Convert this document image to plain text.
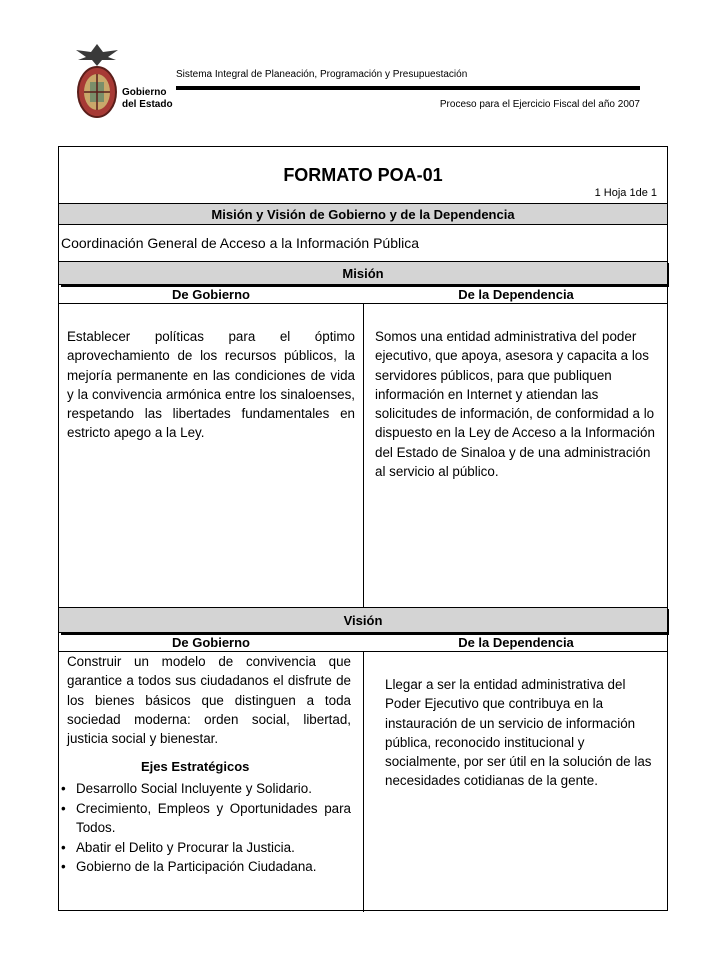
Gobierno
del Estado
Sistema Integral de Planeación, Programación y Presupuestación
Proceso para el Ejercicio Fiscal del año 2007
FORMATO POA-01
1 Hoja 1de 1
Misión y Visión de Gobierno y de la Dependencia
Coordinación General de Acceso a la Información Pública
Misión
De Gobierno	De la Dependencia
Establecer políticas para el óptimo aprovechamiento de los recursos públicos, la mejoría permanente en las condiciones de vida y la convivencia armónica entre los sinaloenses, respetando las libertades fundamentales en estricto apego a la Ley.
Somos una entidad administrativa del poder ejecutivo, que apoya, asesora y capacita a los servidores públicos, para que publiquen información en Internet y atiendan las solicitudes de información, de conformidad a lo dispuesto en la Ley de Acceso a la Información del Estado de Sinaloa y de una administración al servicio al público.
Visión
De Gobierno	De la Dependencia
Construir un modelo de convivencia que garantice a todos sus ciudadanos el disfrute de los bienes básicos que distinguen a toda sociedad moderna: orden social, libertad, justicia social y bienestar.
Llegar a ser la entidad administrativa del Poder Ejecutivo que contribuya en la instauración de un servicio de información pública, reconocido institucional y socialmente, por ser útil en la solución de las necesidades cotidianas de la gente.
Ejes Estratégicos
• Desarrollo Social Incluyente y Solidario.
• Crecimiento, Empleos y Oportunidades para Todos.
• Abatir el Delito y Procurar la Justicia.
• Gobierno de la Participación Ciudadana.
